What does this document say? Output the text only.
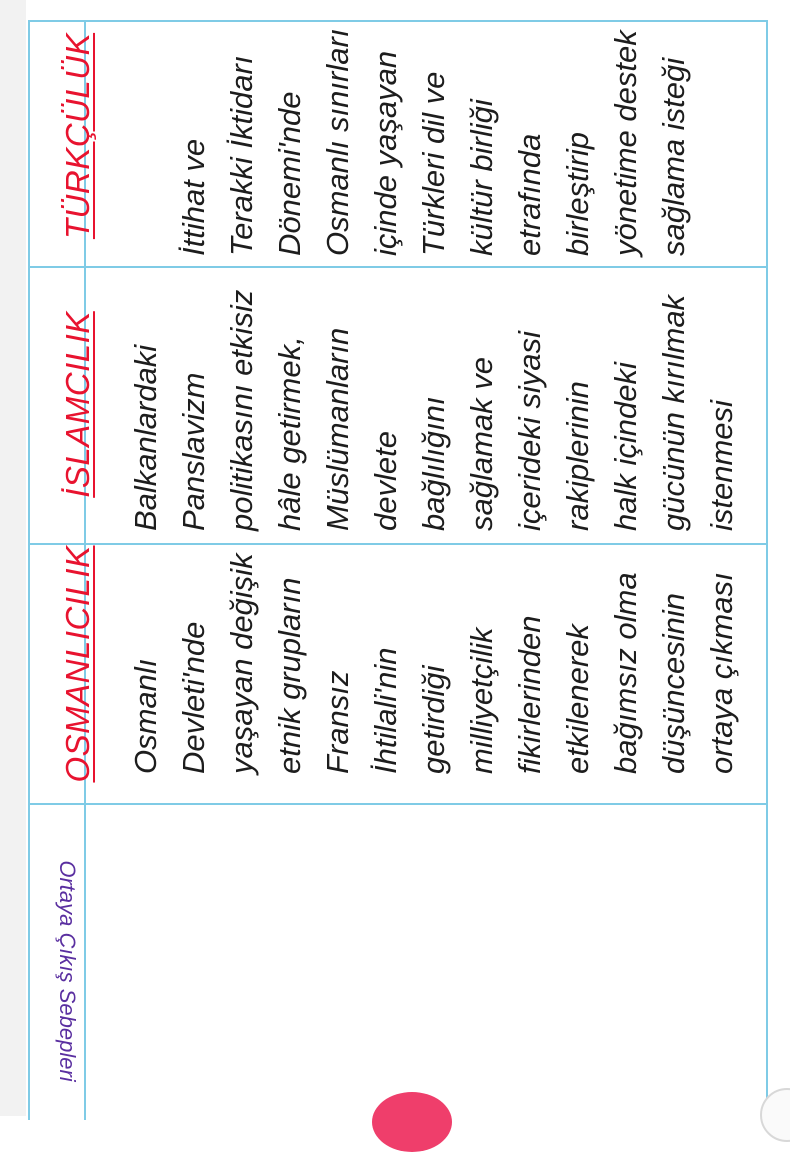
Ortaya Çıkış Sebepleri
OSMANLICILIK	Osmanlı Devleti'nde yaşayan değişik etnik grupların Fransız İhtilali'nin getirdiği milliyetçilik fikirlerinden etkilenerek bağımsız olma düşüncesinin ortaya çıkması
İSLAMCILIK	Balkanlardaki Panslavizm politikasını etkisiz hâle getirmek, Müslümanların devlete bağlılığını sağlamak ve içerideki siyasi rakiplerinin halk içindeki gücünün kırılmak istenmesi
TÜRKÇÜLÜK	İttihat ve Terakki İktidarı Dönemi'nde Osmanlı sınırları içinde yaşayan Türkleri dil ve kültür birliği etrafında birleştirip yönetime destek sağlama isteği
